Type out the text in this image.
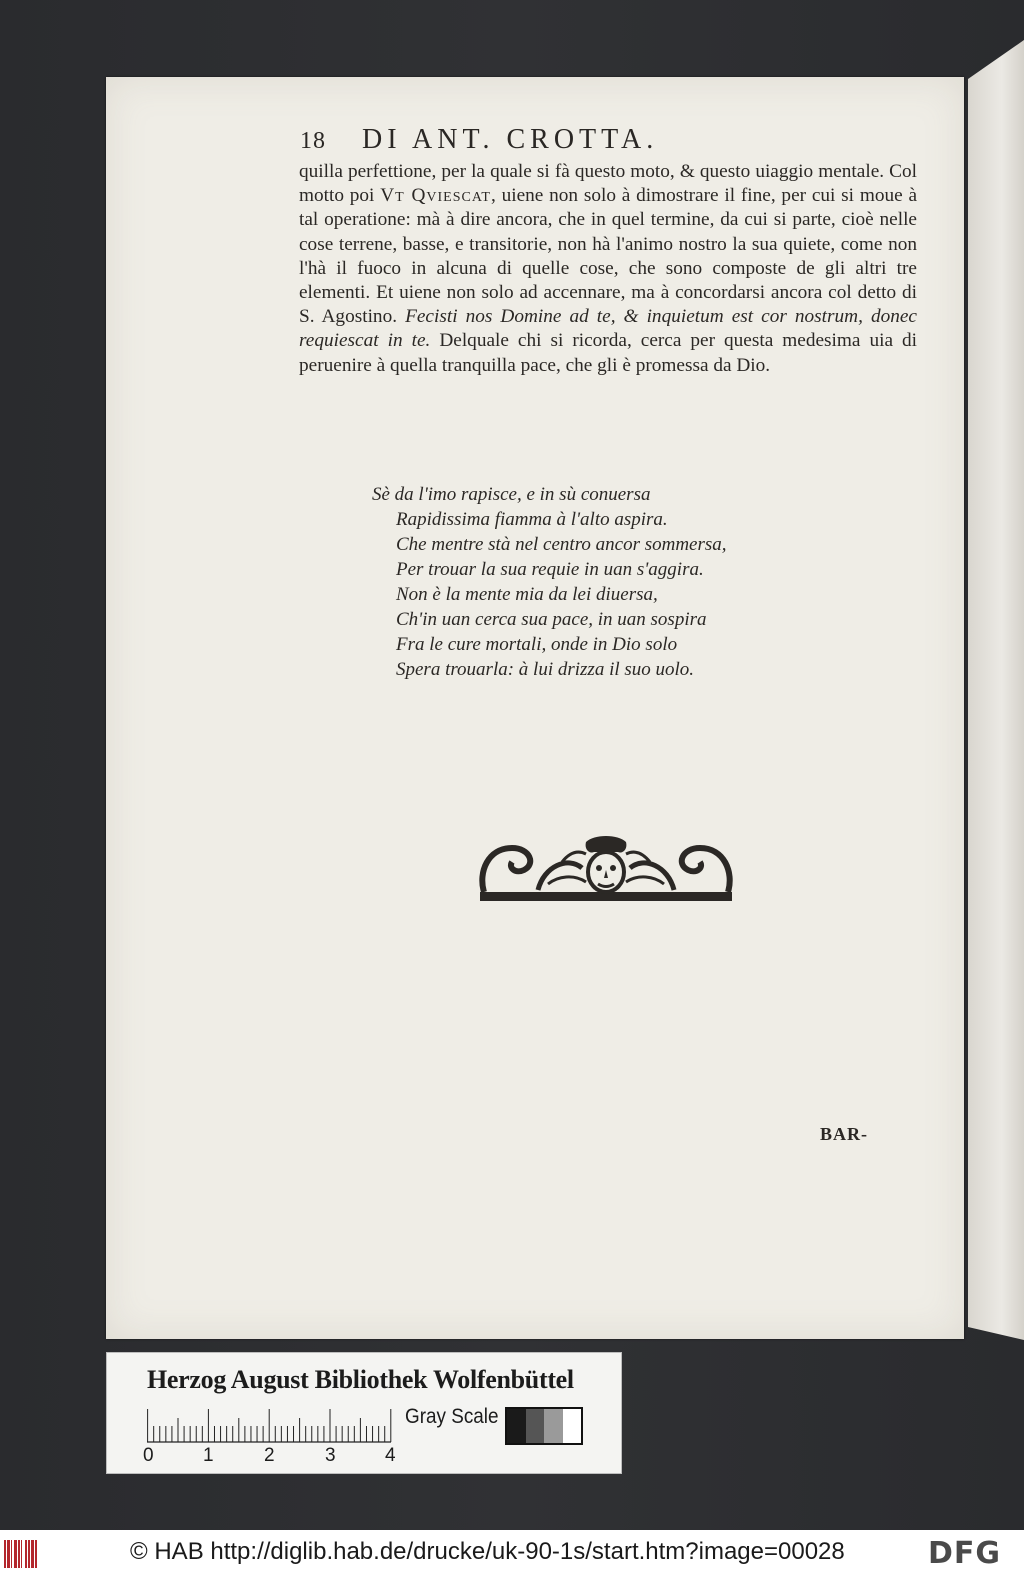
18 DI ANT. CROTTA.

quilla perfettione, per la quale si fà questo moto, & questo uiaggio mentale. Col motto poi Vt Qviescat, uiene non solo à dimostrare il fine, per cui si moue à tal operatione: mà à dire ancora, che in quel termine, da cui si parte, cioè nelle cose terrene, basse, e transitorie, non hà l'animo nostro la sua quiete, come non l'hà il fuoco in alcuna di quelle cose, che sono composte de gli altri tre elementi. Et uiene non solo ad accennare, ma à concordarsi ancora col detto di S. Agostino. Fecisti nos Domine ad te, & inquietum est cor nostrum, donec requiescat in te. Delquale chi si ricorda, cerca per questa medesima uia di peruenire à quella tranquilla pace, che gli è promessa da Dio.

Sè da l'imo rapisce, e in sù conuersa
Rapidissima fiamma à l'alto aspira.
Che mentre stà nel centro ancor sommersa,
Per trouar la sua requie in uan s'aggira.
Non è la mente mia da lei diuersa,
Ch'in uan cerca sua pace, in uan sospira
Fra le cure mortali, onde in Dio solo
Spera trouarla: à lui drizza il suo uolo.
BAR-
Herzog August Bibliothek Wolfenbüttel
0	1	2	3	4
Gray Scale
© HAB http://diglib.hab.de/drucke/uk-90-1s/start.htm?image=00028	DFG
